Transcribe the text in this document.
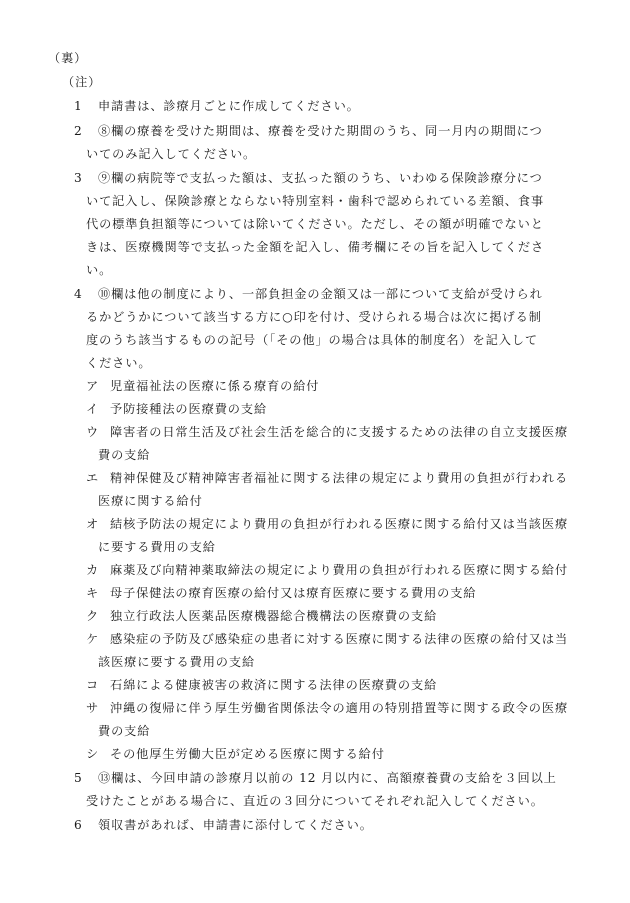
（裏）
（注）
1 申請書は、診療月ごとに作成してください。
2 ⑧欄の療養を受けた期間は、療養を受けた期間のうち、同一月内の期間につ
いてのみ記入してください。
3 ⑨欄の病院等で支払った額は、支払った額のうち、いわゆる保険診療分につ
いて記入し、保険診療とならない特別室料・歯科で認められている差額、食事
代の標準負担額等については除いてください。ただし、その額が明確でないと
きは、医療機関等で支払った金額を記入し、備考欄にその旨を記入してくださ
い。
4 ⑩欄は他の制度により、一部負担金の金額又は一部について支給が受けられ
るかどうかについて該当する方に○印を付け、受けられる場合は次に掲げる制
度のうち該当するものの記号（「その他」の場合は具体的制度名）を記入して
ください。
ア 児童福祉法の医療に係る療育の給付
イ 予防接種法の医療費の支給
ウ 障害者の日常生活及び社会生活を総合的に支援するための法律の自立支援医療
費の支給
エ 精神保健及び精神障害者福祉に関する法律の規定により費用の負担が行われる
医療に関する給付
オ 結核予防法の規定により費用の負担が行われる医療に関する給付又は当該医療
に要する費用の支給
カ 麻薬及び向精神薬取締法の規定により費用の負担が行われる医療に関する給付
キ 母子保健法の療育医療の給付又は療育医療に要する費用の支給
ク 独立行政法人医薬品医療機器総合機構法の医療費の支給
ケ 感染症の予防及び感染症の患者に対する医療に関する法律の医療の給付又は当
該医療に要する費用の支給
コ 石綿による健康被害の救済に関する法律の医療費の支給
サ 沖縄の復帰に伴う厚生労働省関係法令の適用の特別措置等に関する政令の医療
費の支給
シ その他厚生労働大臣が定める医療に関する給付
5 ⑬欄は、今回申請の診療月以前の 12 月以内に、高額療養費の支給を３回以上
受けたことがある場合に、直近の３回分についてそれぞれ記入してください。
6 領収書があれば、申請書に添付してください。
